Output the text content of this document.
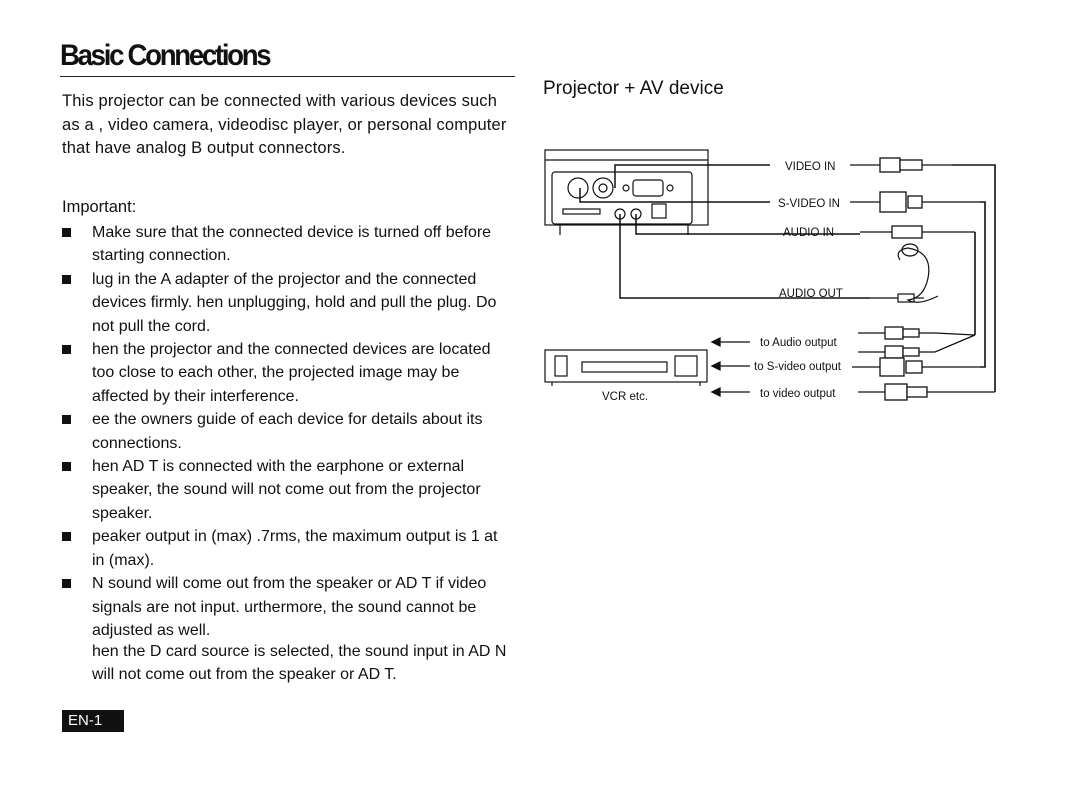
Basic Connections

This projector can be connected with various devices such as a , video camera, videodisc player, or personal computer that have analog B output connectors.

Important:
Make sure that the connected device is turned off before starting connection.
lug in the A adapter of the projector and the connected devices firmly. hen unplugging, hold and pull the plug. Do not pull the cord.
hen the projector and the connected devices are located too close to each other, the projected image may be affected by their interference.
ee the owners guide of each device for details about its connections.
hen AD T is connected with the earphone or external speaker, the sound will not come out from the projector speaker.
peaker output in (max) .7rms, the maximum output is 1 at in (max).
N sound will come out from the speaker or AD T if video signals are not input. urthermore, the sound cannot be adjusted as well.
hen the D card source is selected, the sound input in AD N will not come out from the speaker or AD T.
EN-1
Projector + AV device
VIDEO IN
S-VIDEO IN
AUDIO IN
AUDIO OUT
VCR etc.
to Audio output
to S-video output
to video output
